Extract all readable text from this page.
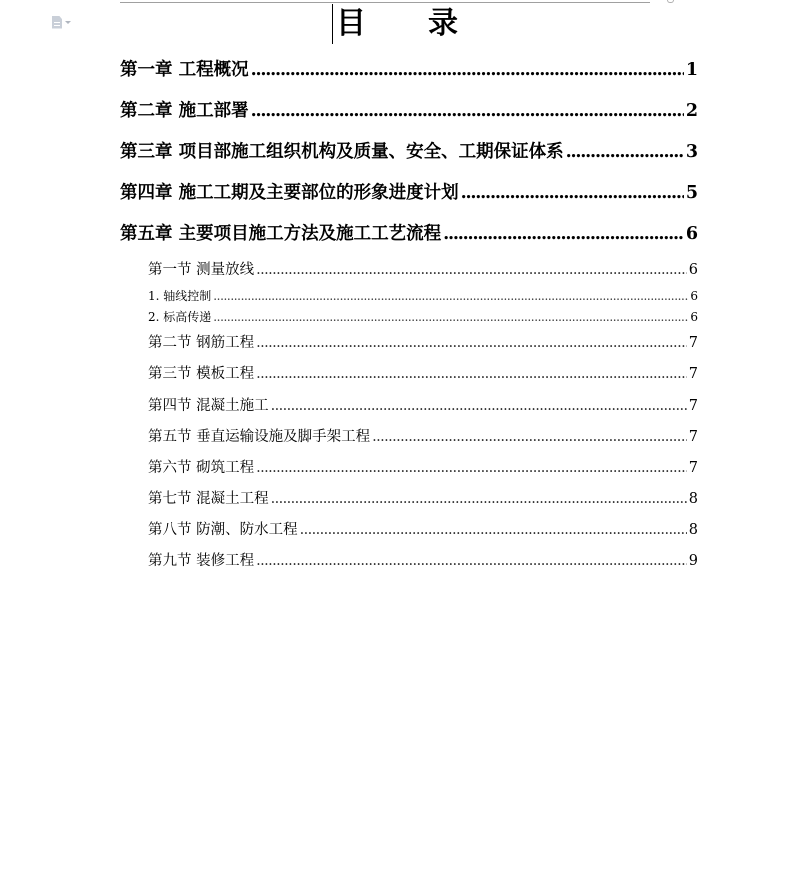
目 录
第一章 工程概况 .....	1
第二章 施工部署 .....	2
第三章 项目部施工组织机构及质量、安全、工期保证体系 .....	3
第四章 施工工期及主要部位的形象进度计划 .....	5
第五章 主要项目施工方法及施工工艺流程 .....	6
第一节 测量放线 .....	6
1. 轴线控制 .....	6
2. 标高传递 .....	6
第二节 钢筋工程 .....	7
第三节 模板工程 .....	7
第四节 混凝土施工 .....	7
第五节 垂直运输设施及脚手架工程 .....	7
第六节 砌筑工程 .....	7
第七节 混凝土工程 .....	8
第八节 防潮、防水工程 .....	8
第九节 装修工程 .....	9
